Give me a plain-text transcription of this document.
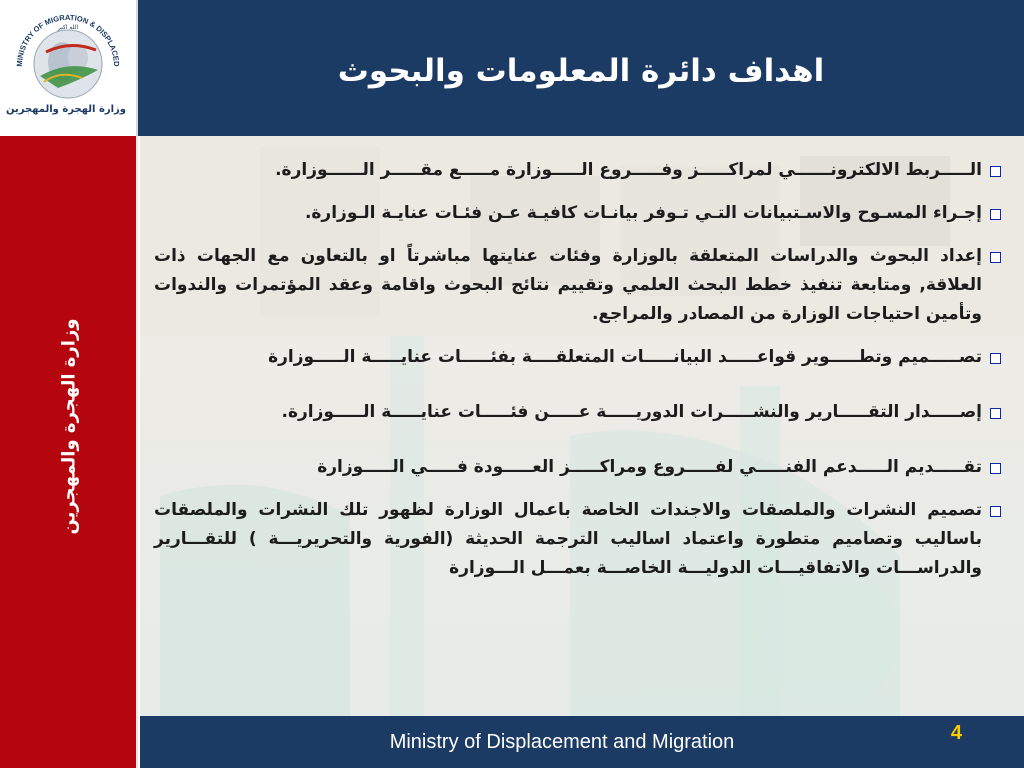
MINISTRY OF MIGRATION & DISPLACED
الله اكبر
وزارة الهجرة والمهجرين
اهداف دائرة المعلومات والبحوث
وزارة الهجرة والمهجرين
الـــــربط الالكترونــــــي لمراكـــــز وفـــــروع الـــــوزارة مـــــع مقـــــر الــــــوزارة.
إجـراء المسـوح والاسـتبيانات التـي تـوفر بيانـات كافيـة عـن فئـات عنايـة الـوزارة.
إعداد البحوث والدراسات المتعلقة بالوزارة وفئات عنايتها مباشرتاً او بالتعاون مع الجهات ذات العلاقة, ومتابعة تنفيذ خطط البحث العلمي وتقييم نتائج البحوث واقامة وعقد المؤتمرات والندوات وتأمين احتياجات الوزارة من المصادر والمراجع.
تصـــــميم وتطـــــوير قواعـــــد البيانـــــات المتعلقــــة بفئـــــات عنايـــــة الـــــوزارة
إصـــــدار التقـــــارير والنشـــــرات الدوريـــــة عـــــن فئـــــات عنايـــــة الـــــوزارة.
تقـــــديم الـــــدعم الفنـــــي لفـــــروع ومراكـــــز العـــــودة فـــــي الـــــوزارة
تصميم النشرات والملصقات والاجندات الخاصة باعمال الوزارة لظهور تلك النشرات والملصقات باساليب وتصاميم متطورة واعتماد اساليب الترجمة الحديثة (الفورية والتحريريـــة ) للتقـــارير والدراســـات والاتفاقيـــات الدوليـــة الخاصـــة بعمـــل الـــوزارة
Ministry of Displacement and Migration	4
